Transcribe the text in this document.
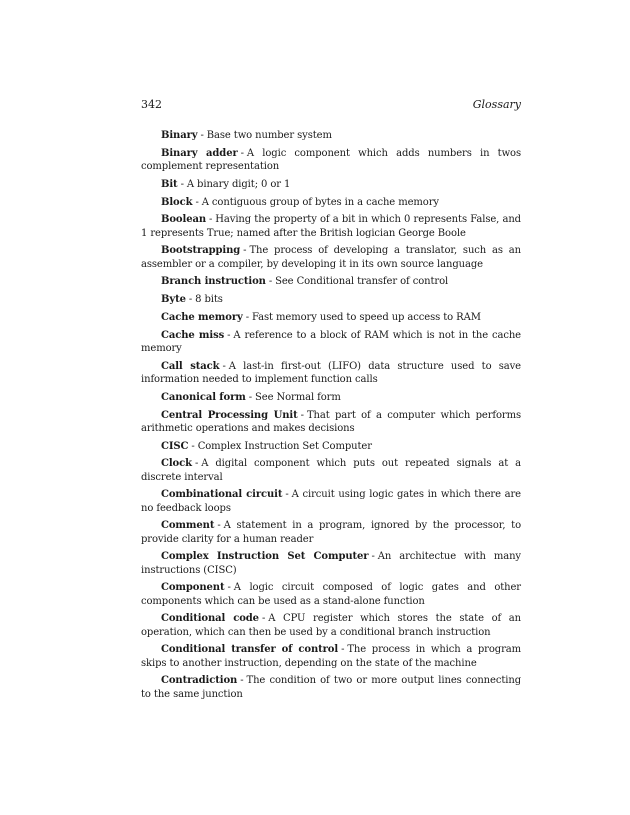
342	Glossary
Binary - Base two number system
Binary adder - A logic component which adds numbers in twos complement representation
Bit - A binary digit; 0 or 1
Block - A contiguous group of bytes in a cache memory
Boolean - Having the property of a bit in which 0 represents False, and 1 represents True; named after the British logician George Boole
Bootstrapping - The process of developing a translator, such as an assembler or a compiler, by developing it in its own source language
Branch instruction - See Conditional transfer of control
Byte - 8 bits
Cache memory - Fast memory used to speed up access to RAM
Cache miss - A reference to a block of RAM which is not in the cache memory
Call stack - A last-in first-out (LIFO) data structure used to save information needed to implement function calls
Canonical form - See Normal form
Central Processing Unit - That part of a computer which performs arithmetic operations and makes decisions
CISC - Complex Instruction Set Computer
Clock - A digital component which puts out repeated signals at a discrete interval
Combinational circuit - A circuit using logic gates in which there are no feedback loops
Comment - A statement in a program, ignored by the processor, to provide clarity for a human reader
Complex Instruction Set Computer - An architectue with many instructions (CISC)
Component - A logic circuit composed of logic gates and other components which can be used as a stand-alone function
Conditional code - A CPU register which stores the state of an operation, which can then be used by a conditional branch instruction
Conditional transfer of control - The process in which a program skips to another instruction, depending on the state of the machine
Contradiction - The condition of two or more output lines connecting to the same junction
